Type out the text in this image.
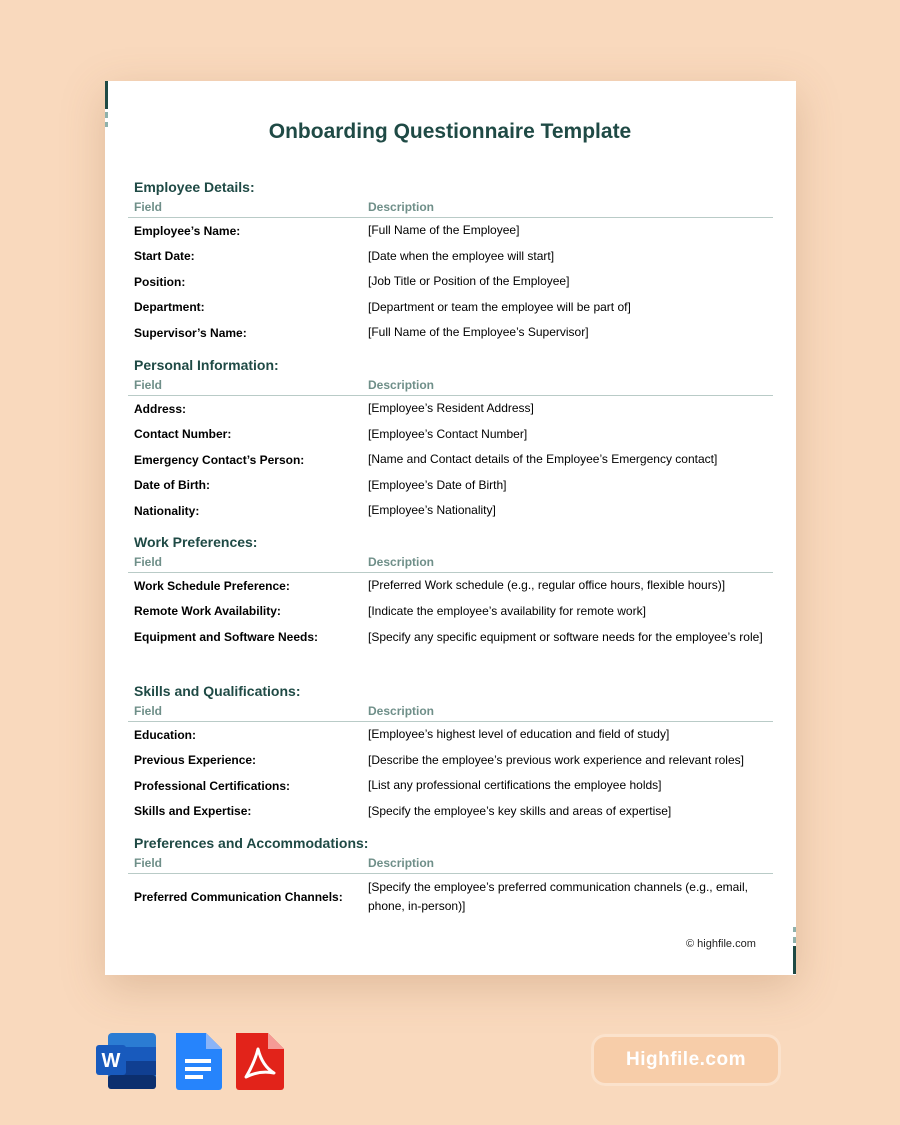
Onboarding Questionnaire Template
Employee Details:
Field	Description
Employee’s Name:	[Full Name of the Employee]
Start Date:	[Date when the employee will start]
Position:	[Job Title or Position of the Employee]
Department:	[Department or team the employee will be part of]
Supervisor’s Name:	[Full Name of the Employee’s Supervisor]
Personal Information:
Field	Description
Address:	[Employee’s Resident Address]
Contact Number:	[Employee’s Contact Number]
Emergency Contact’s Person:	[Name and Contact details of the Employee’s Emergency contact]
Date of Birth:	[Employee’s Date of Birth]
Nationality:	[Employee’s Nationality]
Work Preferences:
Field	Description
Work Schedule Preference:	[Preferred Work schedule (e.g., regular office hours, flexible hours)]
Remote Work Availability:	[Indicate the employee’s availability for remote work]
Equipment and Software Needs:	[Specify any specific equipment or software needs for the employee’s role]
Skills and Qualifications:
Field	Description
Education:	[Employee’s highest level of education and field of study]
Previous Experience:	[Describe the employee’s previous work experience and relevant roles]
Professional Certifications:	[List any professional certifications the employee holds]
Skills and Expertise:	[Specify the employee’s key skills and areas of expertise]
Preferences and Accommodations:
Field	Description
Preferred Communication Channels:
[Specify the employee’s preferred communication channels (e.g., email, phone, in-person)]
© highfile.com
W	Highfile.com
